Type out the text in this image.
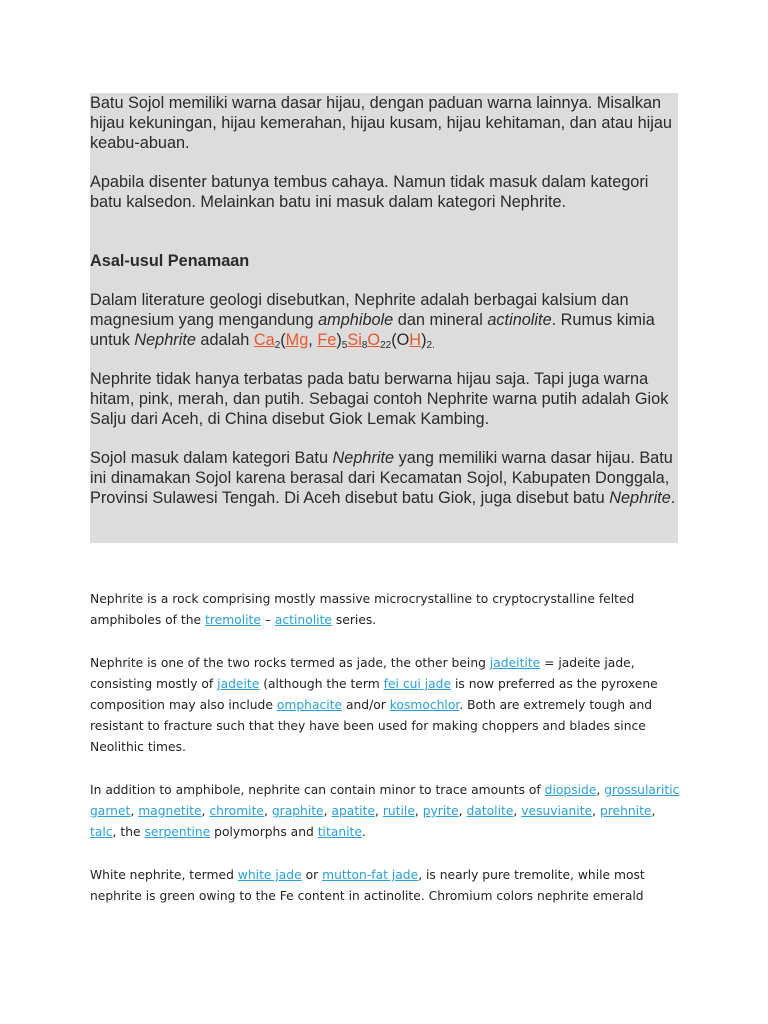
Batu Sojol memiliki warna dasar hijau, dengan paduan warna lainnya. Misalkan hijau kekuningan, hijau kemerahan, hijau kusam, hijau kehitaman, dan atau hijau keabu-abuan.

Apabila disenter batunya tembus cahaya. Namun tidak masuk dalam kategori batu kalsedon. Melainkan batu ini masuk dalam kategori Nephrite.

Asal-usul Penamaan

Dalam literature geologi disebutkan, Nephrite adalah berbagai kalsium dan magnesium yang mengandung amphibole dan mineral actinolite. Rumus kimia untuk Nephrite adalah $Ca_2(Mg$, $Fe)_5Si_8O_{22}(OH)_{2.}$

Nephrite tidak hanya terbatas pada batu berwarna hijau saja. Tapi juga warna hitam, pink, merah, dan putih. Sebagai contoh Nephrite warna putih adalah Giok Salju dari Aceh, di China disebut Giok Lemak Kambing.

Sojol masuk dalam kategori Batu Nephrite yang memiliki warna dasar hijau. Batu ini dinamakan Sojol karena berasal dari Kecamatan Sojol, Kabupaten Donggala, Provinsi Sulawesi Tengah. Di Aceh disebut batu Giok, juga disebut batu Nephrite.

Nephrite is a rock comprising mostly massive microcrystalline to cryptocrystalline felted amphiboles of the tremolite – actinolite series.

Nephrite is one of the two rocks termed as jade, the other being jadeitite = jadeite jade, consisting mostly of jadeite (although the term fei cui jade is now preferred as the pyroxene composition may also include omphacite and/or kosmochlor. Both are extremely tough and resistant to fracture such that they have been used for making choppers and blades since Neolithic times.

In addition to amphibole, nephrite can contain minor to trace amounts of diopside, grossularitic garnet, magnetite, chromite, graphite, apatite, rutile, pyrite, datolite, vesuvianite, prehnite, talc, the serpentine polymorphs and titanite.

White nephrite, termed white jade or mutton-fat jade, is nearly pure tremolite, while most nephrite is green owing to the Fe content in actinolite. Chromium colors nephrite emerald
